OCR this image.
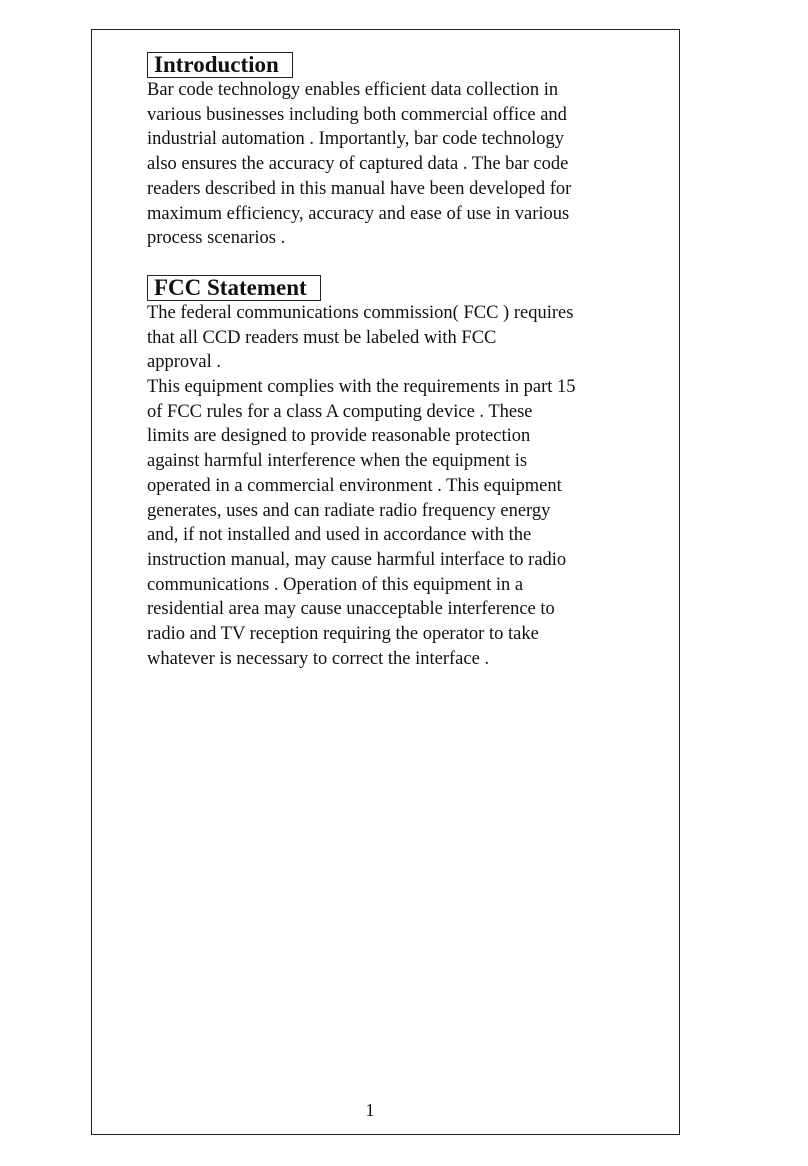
Introduction

Bar code technology enables efficient data collection in
various businesses including both commercial office and
industrial automation . Importantly, bar code technology
also ensures the accuracy of captured data . The bar code
readers described in this manual have been developed for
maximum efficiency, accuracy and ease of use in various
process scenarios .

FCC Statement

The federal communications commission( FCC ) requires
that all CCD readers must be labeled with FCC
approval .

This equipment complies with the requirements in part 15
of FCC rules for a class A computing device . These
limits are designed to provide reasonable protection
against harmful interference when the equipment is
operated in a commercial environment . This equipment
generates, uses and can radiate radio frequency energy
and, if not installed and used in accordance with the
instruction manual, may cause harmful interface to radio
communications . Operation of this equipment in a
residential area may cause unacceptable interference to
radio and TV reception requiring the operator to take
whatever is necessary to correct the interface .

1
